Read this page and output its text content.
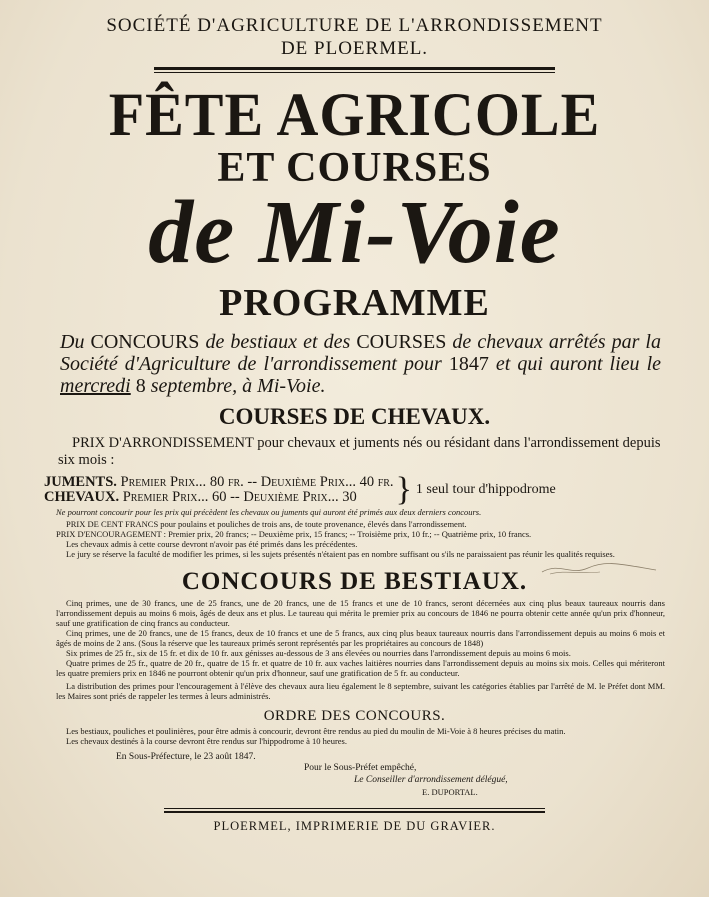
SOCIÉTÉ D'AGRICULTURE DE L'ARRONDISSEMENT
DE PLOERMEL.
FÊTE AGRICOLE
ET COURSES
de Mi-Voie
PROGRAMME
Du CONCOURS de bestiaux et des COURSES de chevaux arrêtés par la Société d'Agriculture de l'arrondissement pour 1847 et qui auront lieu le mercredi 8 septembre, à Mi-Voie.
COURSES DE CHEVAUX.
PRIX D'ARRONDISSEMENT pour chevaux et juments nés ou résidant dans l'arrondissement depuis six mois :
JUMENTS. Premier Prix... 80 fr. -- Deuxième Prix... 40 fr.
CHEVAUX. Premier Prix... 60 -- Deuxième Prix... 30	} 1 seul tour d'hippodrome
Ne pourront concourir pour les prix qui précèdent les chevaux ou juments qui auront été primés aux deux derniers concours.
PRIX DE CENT FRANCS pour poulains et pouliches de trois ans, de toute provenance, élevés dans l'arrondissement.
PRIX D'ENCOURAGEMENT : Premier prix, 20 francs; -- Deuxième prix, 15 francs; -- Troisième prix, 10 fr.; -- Quatrième prix, 10 francs.
Les chevaux admis à cette course devront n'avoir pas été primés dans les précédentes.
Le jury se réserve la faculté de modifier les primes, si les sujets présentés n'étaient pas en nombre suffisant ou s'ils ne paraissaient pas réunir les qualités requises.
CONCOURS DE BESTIAUX.
Cinq primes, une de 30 francs, une de 25 francs, une de 20 francs, une de 15 francs et une de 10 francs, seront décernées aux cinq plus beaux taureaux nourris dans l'arrondissement depuis au moins 6 mois, âgés de deux ans et plus. Le taureau qui mérita le premier prix au concours de 1846 ne pourra obtenir cette année qu'un prix d'honneur, sauf une gratification de cinq francs au conducteur.
Cinq primes, une de 20 francs, une de 15 francs, deux de 10 francs et une de 5 francs, aux cinq plus beaux taureaux nourris dans l'arrondissement depuis au moins 6 mois et âgés de moins de 2 ans. (Sous la réserve que les taureaux primés seront représentés par les propriétaires au concours de 1848)
Six primes de 25 fr., six de 15 fr. et dix de 10 fr. aux génisses au-dessous de 3 ans élevées ou nourries dans l'arrondissement depuis au moins 6 mois.
Quatre primes de 25 fr., quatre de 20 fr., quatre de 15 fr. et quatre de 10 fr. aux vaches laitières nourries dans l'arrondissement depuis au moins six mois. Celles qui mériteront les quatre premiers prix en 1846 ne pourront obtenir qu'un prix d'honneur, sauf une gratification de 5 fr. au conducteur.
La distribution des primes pour l'encouragement à l'élève des chevaux aura lieu également le 8 septembre, suivant les catégories établies par l'arrêté de M. le Préfet dont MM. les Maires sont priés de rappeler les termes à leurs administrés.
ORDRE DES CONCOURS.
Les bestiaux, pouliches et poulinières, pour être admis à concourir, devront être rendus au pied du moulin de Mi-Voie à 8 heures précises du matin.
Les chevaux destinés à la course devront être rendus sur l'hippodrome à 10 heures.
En Sous-Préfecture, le 23 août 1847.
Pour le Sous-Préfet empêché,
Le Conseiller d'arrondissement délégué,
E. DUPORTAL.
PLOERMEL, IMPRIMERIE DE DU GRAVIER.
